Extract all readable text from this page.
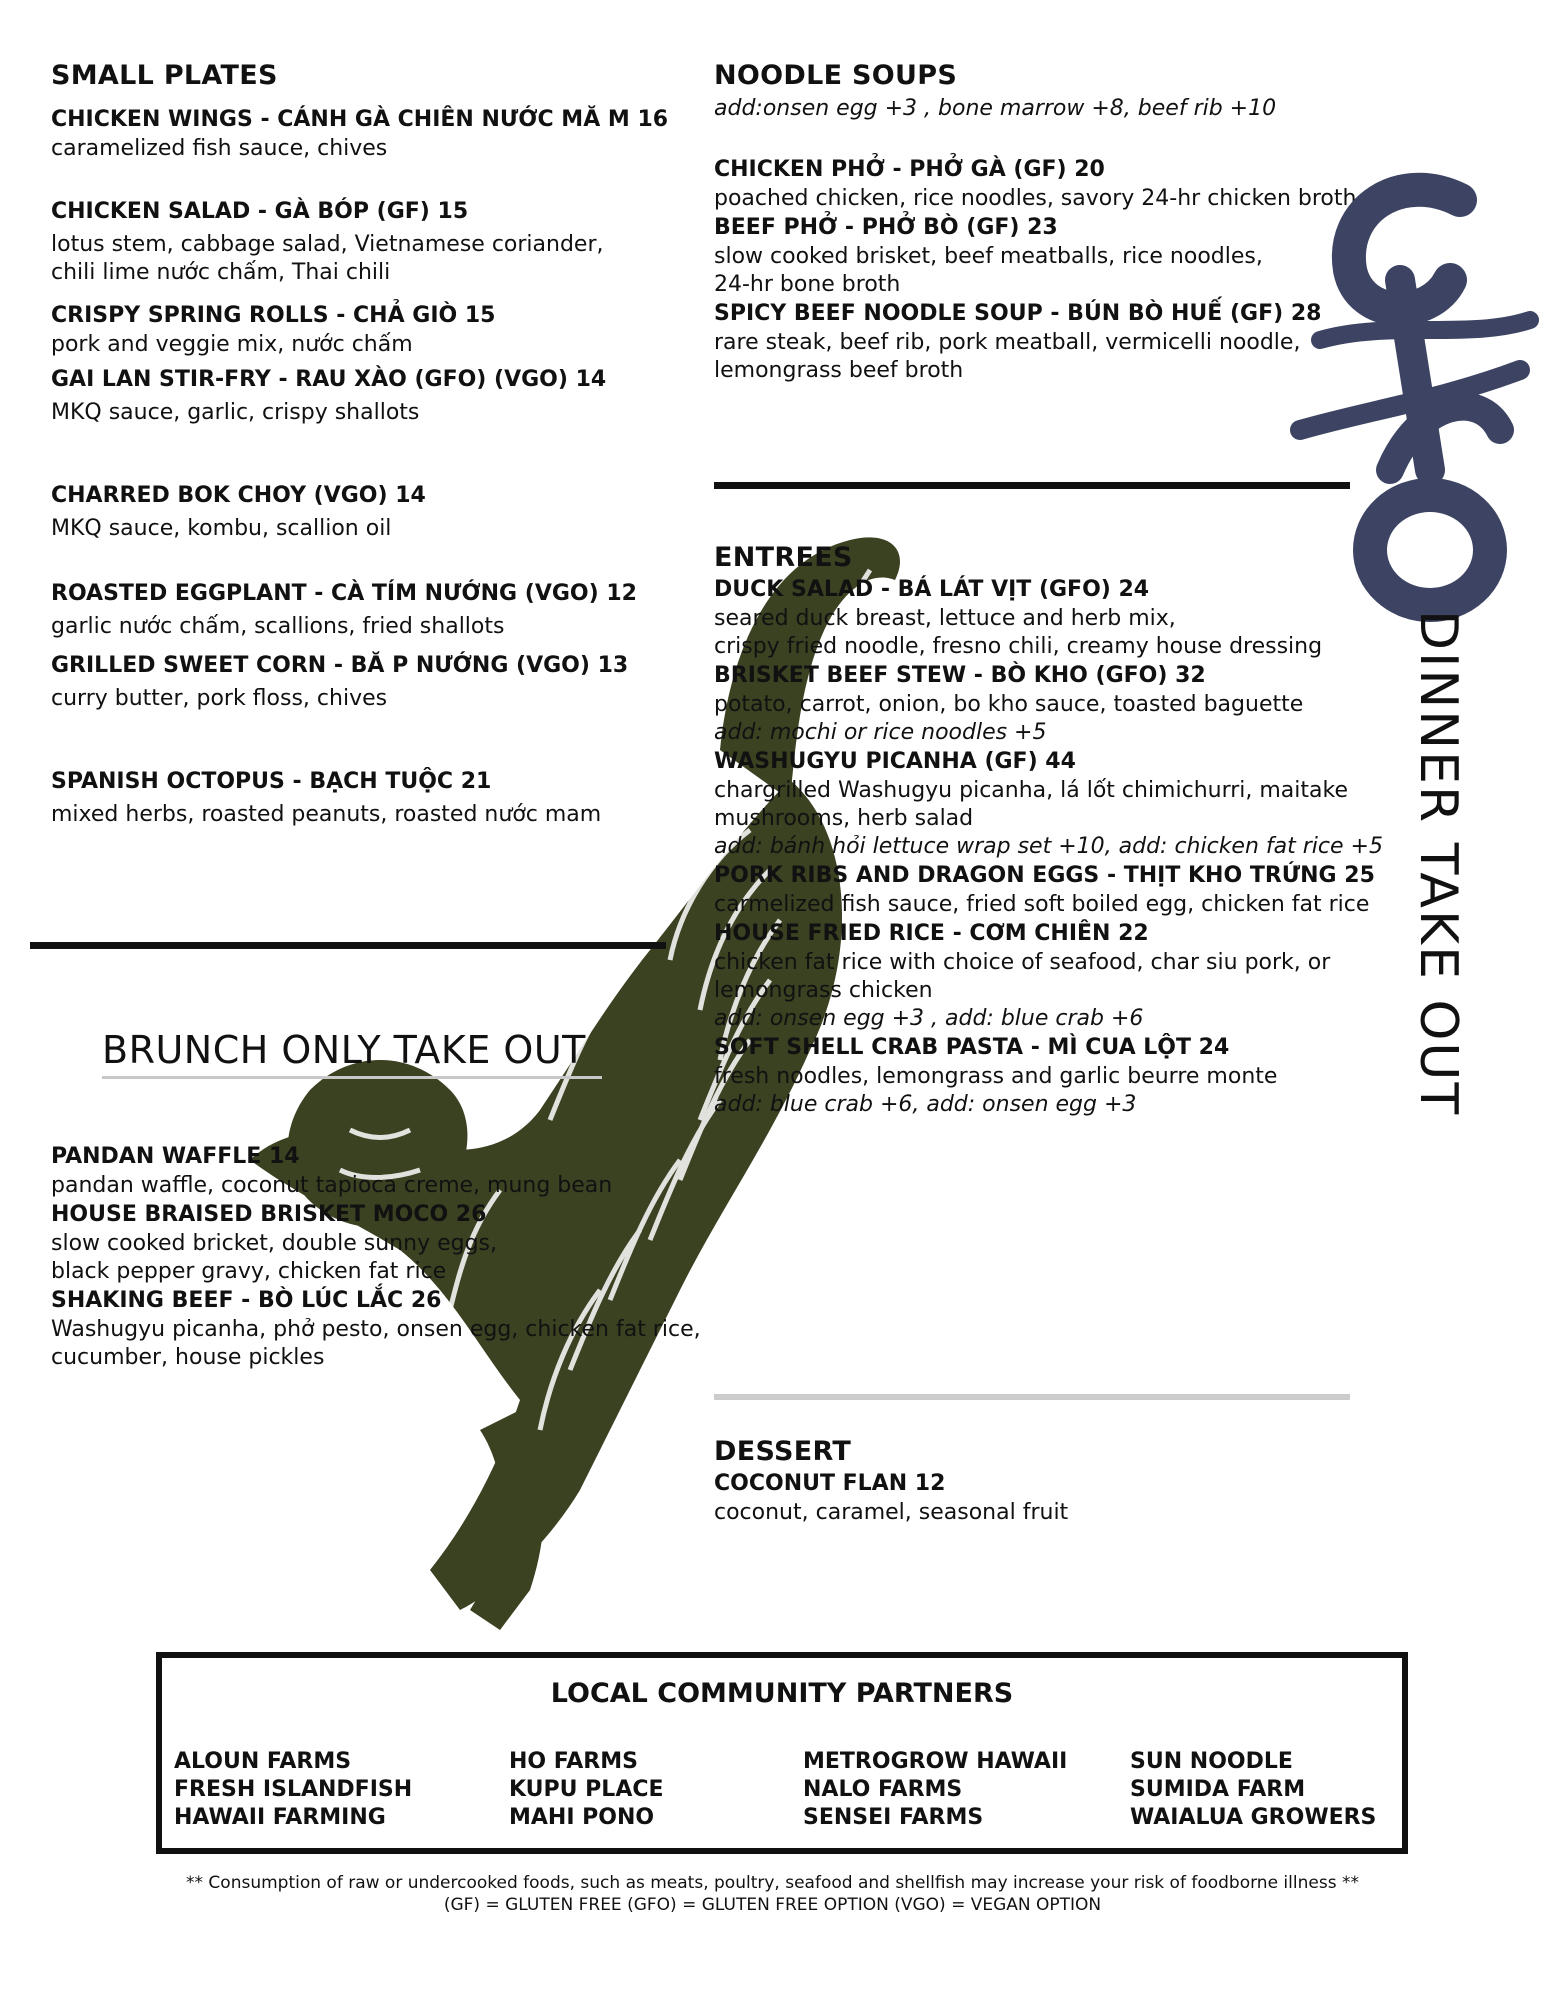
DINNER TAKE OUT
SMALL PLATES
CHICKEN WINGS - CÁNH GÀ CHIÊN NƯỚC MĂ M 16
caramelized fish sauce, chives
CHICKEN SALAD - GÀ BÓP (GF) 15
lotus stem, cabbage salad, Vietnamese coriander,
chili lime nước chấm, Thai chili
CRISPY SPRING ROLLS - CHẢ GIÒ 15
pork and veggie mix, nước chấm
GAI LAN STIR-FRY - RAU XÀO (GFO) (VGO) 14
MKQ sauce, garlic, crispy shallots
CHARRED BOK CHOY (VGO) 14
MKQ sauce, kombu, scallion oil
ROASTED EGGPLANT - CÀ TÍM NƯỚNG (VGO) 12
garlic nước chấm, scallions, fried shallots
GRILLED SWEET CORN - BĂ P NƯỚNG (VGO) 13
curry butter, pork floss, chives
SPANISH OCTOPUS - BẠCH TUỘC 21
mixed herbs, roasted peanuts, roasted nước mam
BRUNCH ONLY TAKE OUT
PANDAN WAFFLE 14
pandan waffle, coconut tapioca creme, mung bean
HOUSE BRAISED BRISKET MOCO 26
slow cooked bricket, double sunny eggs,
black pepper gravy, chicken fat rice
SHAKING BEEF - BÒ LÚC LẮC 26
Washugyu picanha, phở pesto, onsen egg, chicken fat rice,
cucumber, house pickles
NOODLE SOUPS
add:onsen egg +3 , bone marrow +8, beef rib +10
CHICKEN PHỞ - PHỞ GÀ (GF) 20
poached chicken, rice noodles, savory 24-hr chicken broth
BEEF PHỞ - PHỞ BÒ (GF) 23
slow cooked brisket, beef meatballs, rice noodles,
24-hr bone broth
SPICY BEEF NOODLE SOUP - BÚN BÒ HUẾ (GF) 28
rare steak, beef rib, pork meatball, vermicelli noodle,
lemongrass beef broth
ENTREES
DUCK SALAD - BÁ LÁT VỊT (GFO) 24
seared duck breast, lettuce and herb mix,
crispy fried noodle, fresno chili, creamy house dressing
BRISKET BEEF STEW - BÒ KHO (GFO) 32
potato, carrot, onion, bo kho sauce, toasted baguette
add: mochi or rice noodles +5
WASHUGYU PICANHA (GF) 44
chargrilled Washugyu picanha, lá lốt chimichurri, maitake
mushrooms, herb salad
add: bánh hỏi lettuce wrap set +10, add: chicken fat rice +5
PORK RIBS AND DRAGON EGGS - THỊT KHO TRỨNG 25
carmelized fish sauce, fried soft boiled egg, chicken fat rice
HOUSE FRIED RICE - CƠM CHIÊN 22
chicken fat rice with choice of seafood, char siu pork, or
lemongrass chicken
add: onsen egg +3 , add: blue crab +6
SOFT SHELL CRAB PASTA - MÌ CUA LỘT 24
fresh noodles, lemongrass and garlic beurre monte
add: blue crab +6, add: onsen egg +3
DESSERT
COCONUT FLAN 12
coconut, caramel, seasonal fruit
LOCAL COMMUNITY PARTNERS
ALOUN FARMS
FRESH ISLANDFISH
HAWAII FARMING
HO FARMS
KUPU PLACE
MAHI PONO
METROGROW HAWAII
NALO FARMS
SENSEI FARMS
SUN NOODLE
SUMIDA FARM
WAIALUA GROWERS
** Consumption of raw or undercooked foods, such as meats, poultry, seafood and shellfish may increase your risk of foodborne illness **
(GF) = GLUTEN FREE (GFO) = GLUTEN FREE OPTION (VGO) = VEGAN OPTION
